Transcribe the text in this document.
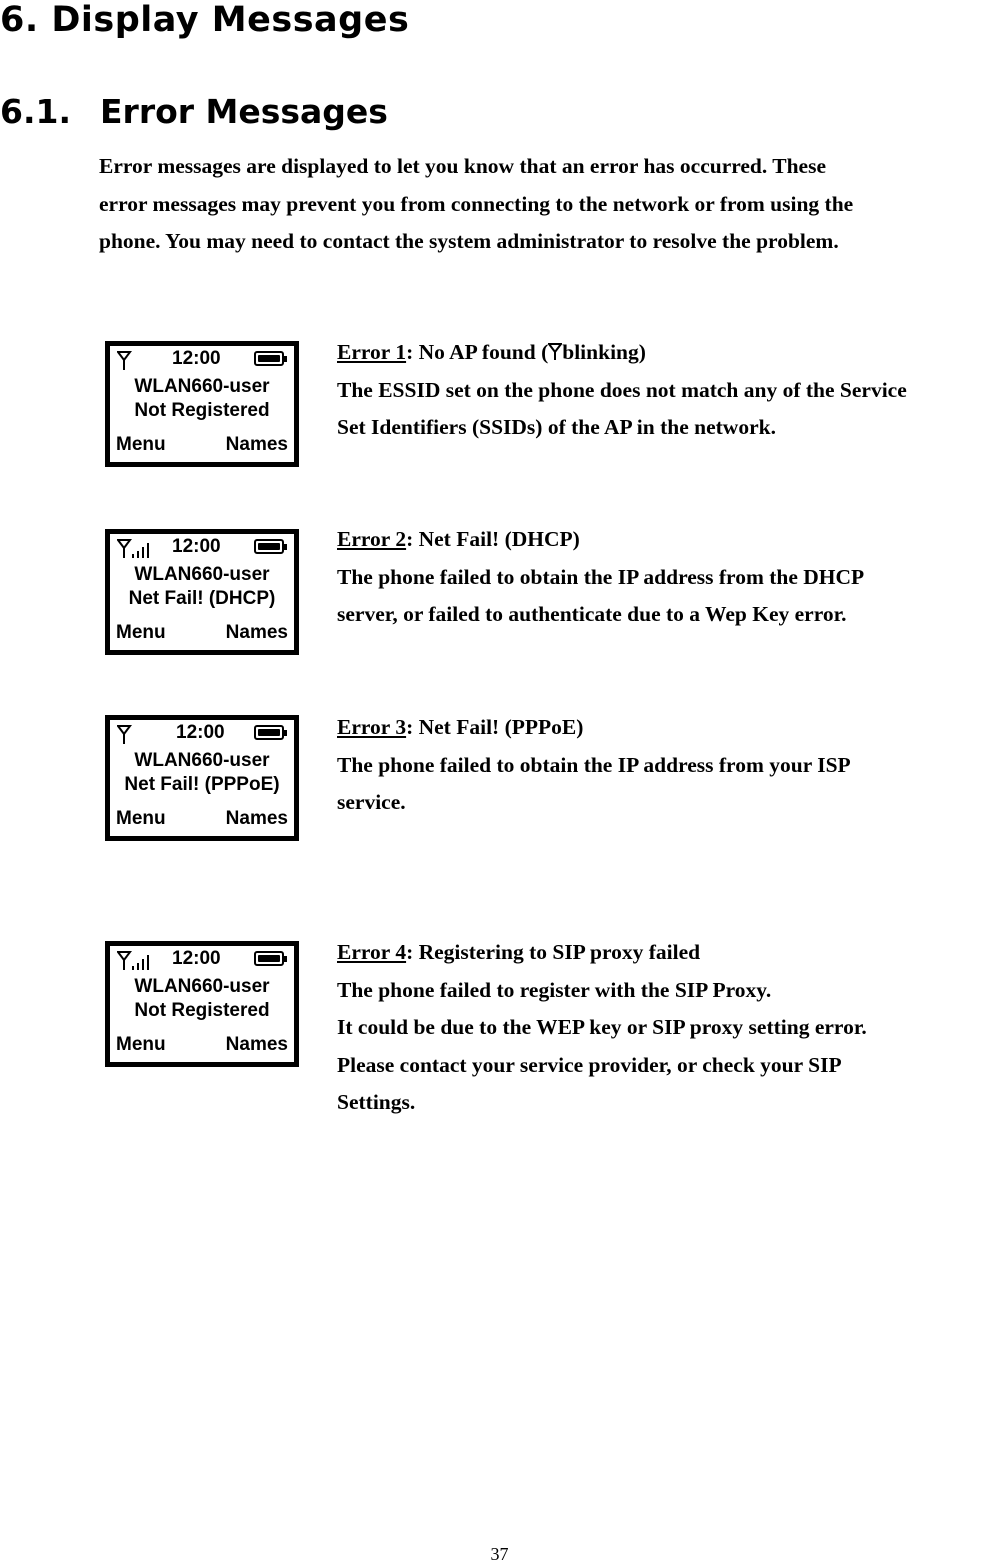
6. Display Messages
6.1. Error Messages

Error messages are displayed to let you know that an error has occurred. These

error messages may prevent you from connecting to the network or from using the

phone. You may need to contact the system administrator to resolve the problem.

12:00
WLAN660-user
Not Registered
Menu	Names

Error 1: No AP found ( blinking)

The ESSID set on the phone does not match any of the Service

Set Identifiers (SSIDs) of the AP in the network.

12:00
WLAN660-user
Net Fail! (DHCP)
Menu	Names

Error 2: Net Fail! (DHCP)

The phone failed to obtain the IP address from the DHCP

server, or failed to authenticate due to a Wep Key error.

12:00
WLAN660-user
Net Fail! (PPPoE)
Menu	Names

Error 3: Net Fail! (PPPoE)

The phone failed to obtain the IP address from your ISP

service.

12:00
WLAN660-user
Not Registered
Menu	Names

Error 4: Registering to SIP proxy failed

The phone failed to register with the SIP Proxy.

It could be due to the WEP key or SIP proxy setting error.

Please contact your service provider, or check your SIP

Settings.

37
